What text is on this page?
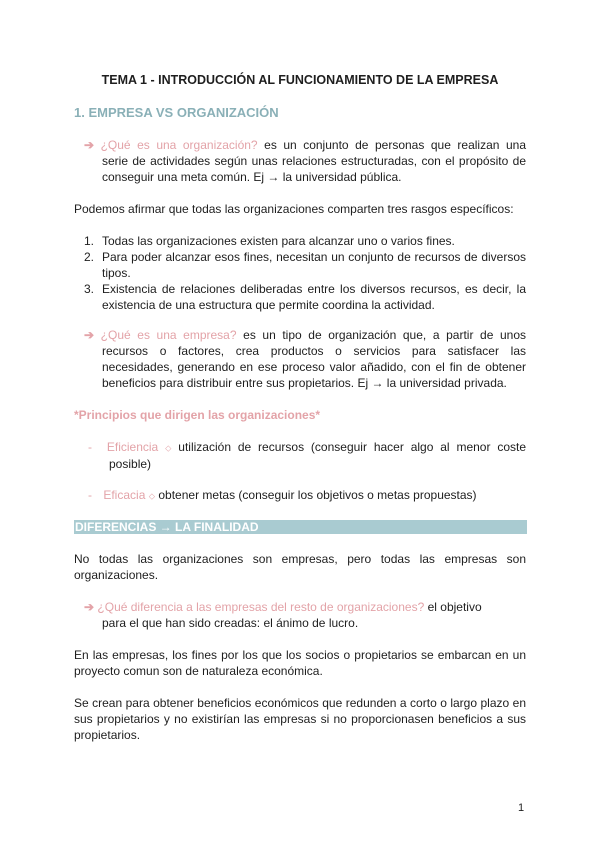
TEMA 1 - INTRODUCCIÓN AL FUNCIONAMIENTO DE LA EMPRESA
1. EMPRESA VS ORGANIZACIÓN
➔ ¿Qué es una organización? es un conjunto de personas que realizan una
serie de actividades según unas relaciones estructuradas, con el propósito de
conseguir una meta común. Ej → la universidad pública.
Podemos afirmar que todas las organizaciones comparten tres rasgos específicos:
1. Todas las organizaciones existen para alcanzar uno o varios fines.
2. Para poder alcanzar esos fines, necesitan un conjunto de recursos de diversos
tipos.
3. Existencia de relaciones deliberadas entre los diversos recursos, es decir, la
existencia de una estructura que permite coordina la actividad.
➔ ¿Qué es una empresa? es un tipo de organización que, a partir de unos
recursos o factores, crea productos o servicios para satisfacer las
necesidades, generando en ese proceso valor añadido, con el fin de obtener
beneficios para distribuir entre sus propietarios. Ej → la universidad privada.
*Principios que dirigen las organizaciones*
- Eficiencia ⬦ utilización de recursos (conseguir hacer algo al menor coste
posible)
- Eficacia ⬦ obtener metas (conseguir los objetivos o metas propuestas)
DIFERENCIAS → LA FINALIDAD
No todas las organizaciones son empresas, pero todas las empresas son
organizaciones.
➔ ¿Qué diferencia a las empresas del resto de organizaciones? el objetivo
para el que han sido creadas: el ánimo de lucro.
En las empresas, los fines por los que los socios o propietarios se embarcan en un
proyecto comun son de naturaleza económica.
Se crean para obtener beneficios económicos que redunden a corto o largo plazo en
sus propietarios y no existirían las empresas si no proporcionasen beneficios a sus
propietarios.
1
